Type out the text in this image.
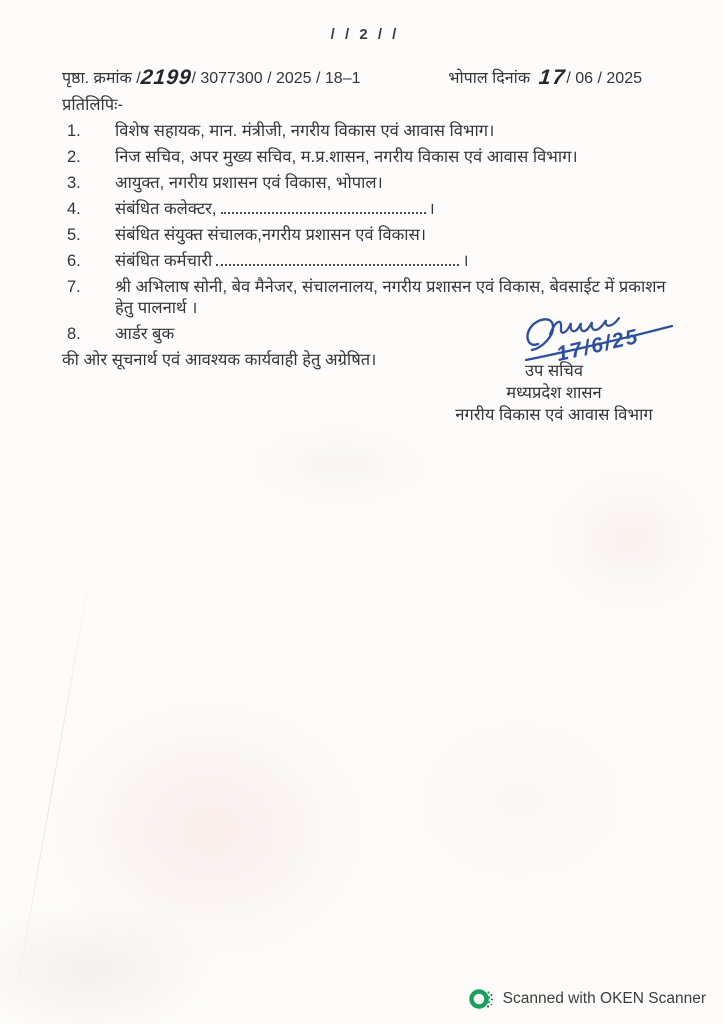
/ / 2 / /
पृष्ठा. क्रमांक /2199/ 3077300 / 2025 / 18–1	भोपाल दिनांक 17/ 06 / 2025
प्रतिलिपिः-
1.	विशेष सहायक, मान. मंत्रीजी, नगरीय विकास एवं आवास विभाग।
2.	निज सचिव, अपर मुख्य सचिव, म.प्र.शासन, नगरीय विकास एवं आवास विभाग।
3.	आयुक्त, नगरीय प्रशासन एवं विकास, भोपाल।
4.	संबंधित कलेक्टर,	।
5.	संबंधित संयुक्त संचालक,नगरीय प्रशासन एवं विकास।
6.	संबंधित कर्मचारी	।
7.	श्री अभिलाष सोनी, बेव मैनेजर, संचालनालय, नगरीय प्रशासन एवं विकास, बेवसाईट में प्रकाशन हेतु पालनार्थ ।
8.	आर्डर बुक
की ओर सूचनार्थ एवं आवश्यक कार्यवाही हेतु अग्रेषित।	17/6/25
उप सचिव
मध्यप्रदेश शासन
नगरीय विकास एवं आवास विभाग
Scanned with OKEN Scanner
